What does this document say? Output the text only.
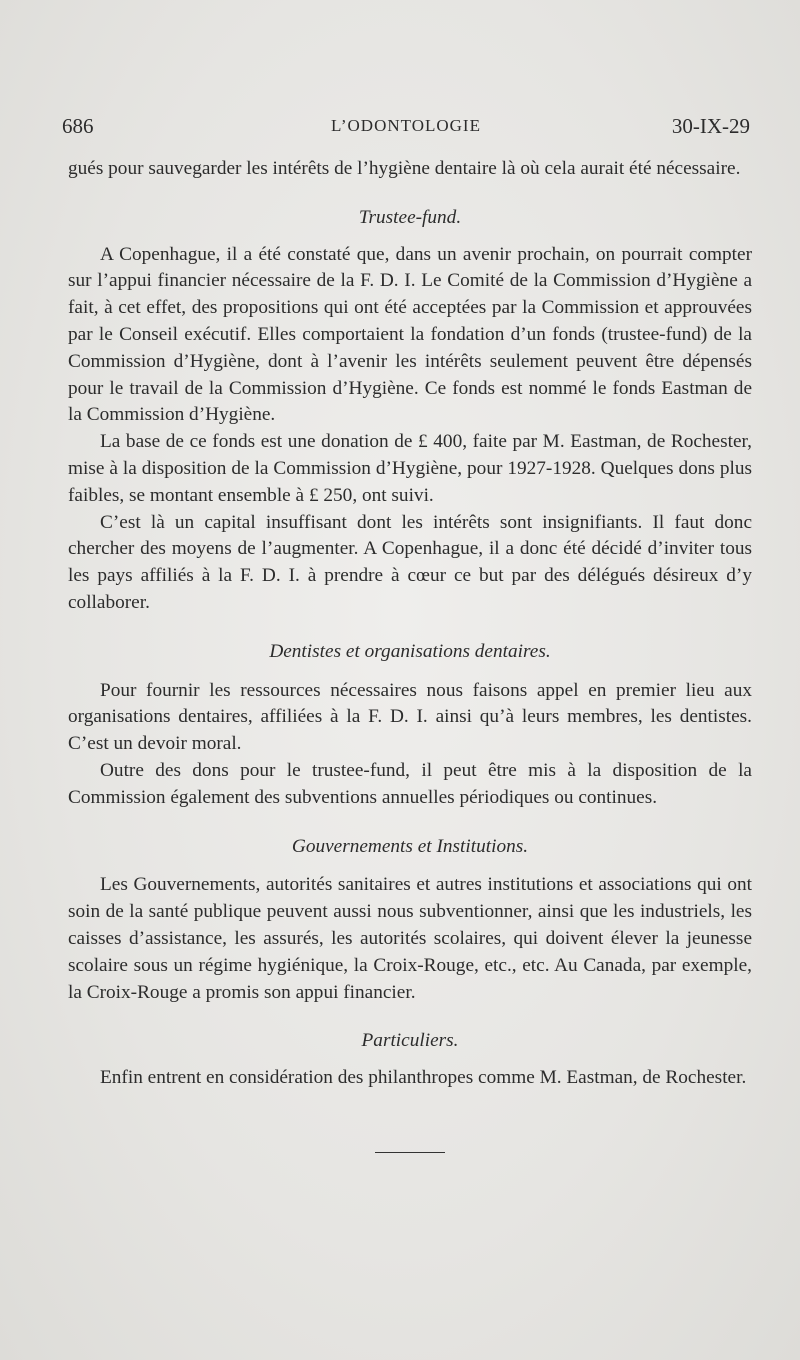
686	L’ODONTOLOGIE	30-IX-29

gués pour sauvegarder les intérêts de l’hygiène dentaire là où cela aurait été nécessaire.

Trustee-fund.

A Copenhague, il a été constaté que, dans un avenir prochain, on pourrait compter sur l’appui financier nécessaire de la F. D. I. Le Comité de la Commission d’Hygiène a fait, à cet effet, des propositions qui ont été acceptées par la Commission et approuvées par le Conseil exécutif. Elles comportaient la fondation d’un fonds (trustee-fund) de la Commission d’Hygiène, dont à l’avenir les intérêts seulement peuvent être dépensés pour le travail de la Commission d’Hygiène. Ce fonds est nommé le fonds Eastman de la Commission d’Hygiène.

La base de ce fonds est une donation de £ 400, faite par M. Eastman, de Rochester, mise à la disposition de la Commission d’Hygiène, pour 1927-1928. Quelques dons plus faibles, se montant ensemble à £ 250, ont suivi.

C’est là un capital insuffisant dont les intérêts sont insignifiants. Il faut donc chercher des moyens de l’augmenter. A Copenhague, il a donc été décidé d’inviter tous les pays affiliés à la F. D. I. à prendre à cœur ce but par des délégués désireux d’y collaborer.

Dentistes et organisations dentaires.

Pour fournir les ressources nécessaires nous faisons appel en premier lieu aux organisations dentaires, affiliées à la F. D. I. ainsi qu’à leurs membres, les dentistes. C’est un devoir moral.

Outre des dons pour le trustee-fund, il peut être mis à la disposition de la Commission également des subventions annuelles périodiques ou continues.

Gouvernements et Institutions.

Les Gouvernements, autorités sanitaires et autres institutions et associations qui ont soin de la santé publique peuvent aussi nous subventionner, ainsi que les industriels, les caisses d’assistance, les assurés, les autorités scolaires, qui doivent élever la jeunesse scolaire sous un régime hygiénique, la Croix-Rouge, etc., etc. Au Canada, par exemple, la Croix-Rouge a promis son appui financier.

Particuliers.

Enfin entrent en considération des philanthropes comme M. Eastman, de Rochester.
